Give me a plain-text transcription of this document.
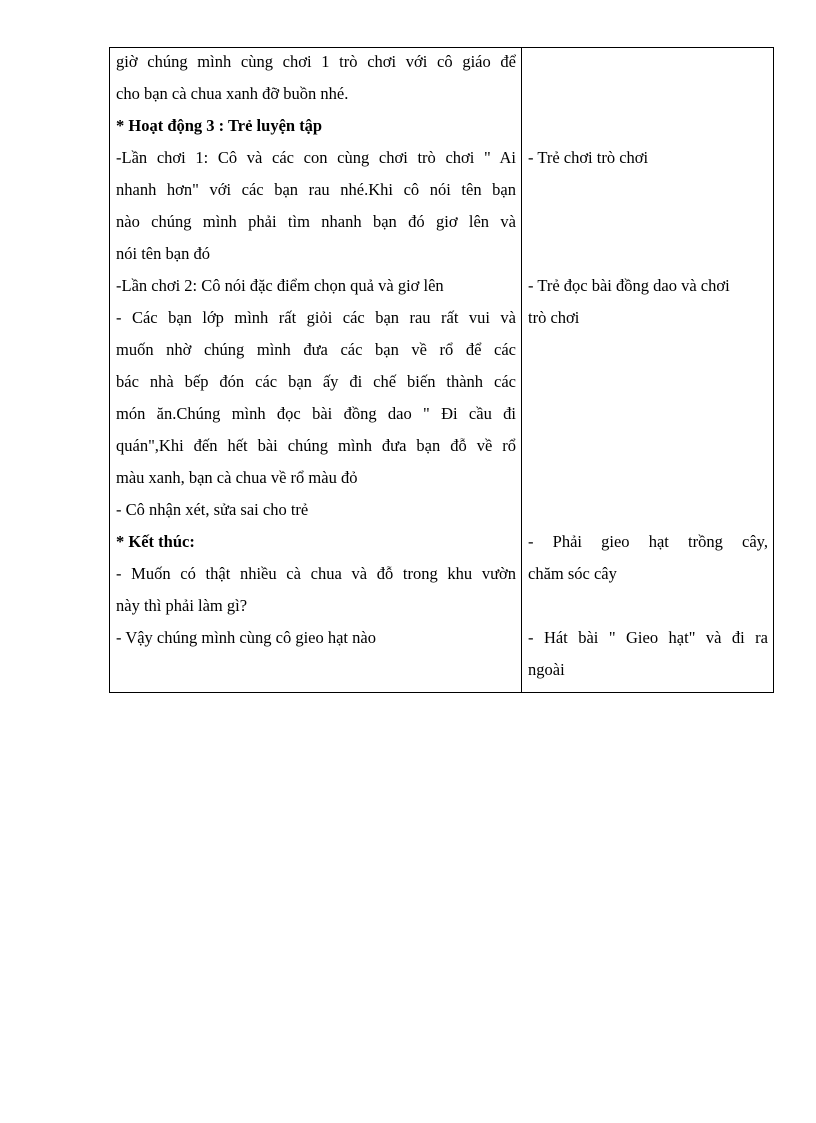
giờ chúng mình cùng chơi 1 trò chơi với cô giáo để
cho bạn cà chua xanh đỡ buồn nhé.
* Hoạt động 3 : Trẻ luyện tập
-Lần chơi 1: Cô và các con cùng chơi trò chơi " Ai
nhanh hơn" với các bạn rau nhé.Khi cô nói tên bạn
nào chúng mình phải tìm nhanh bạn đó giơ lên và
nói tên bạn đó
-Lần chơi 2: Cô nói đặc điểm chọn quả và giơ lên
- Các bạn lớp mình rất giỏi các bạn rau rất vui và
muốn nhờ chúng mình đưa các bạn về rổ để các
bác nhà bếp đón các bạn ấy đi chế biến thành các
món ăn.Chúng mình đọc bài đồng dao " Đi cầu đi
quán",Khi đến hết bài chúng mình đưa bạn đỗ về rổ
màu xanh, bạn cà chua về rổ màu đỏ
- Cô nhận xét, sửa sai cho trẻ
* Kết thúc:
- Muốn có thật nhiều cà chua và đỗ trong khu vườn
này thì phải làm gì?
- Vậy chúng mình cùng cô gieo hạt nào
- Trẻ chơi trò chơi
- Trẻ đọc bài đồng dao và chơi
trò chơi
- Phải gieo hạt trồng cây,
chăm sóc cây
- Hát bài " Gieo hạt" và đi ra
ngoài
